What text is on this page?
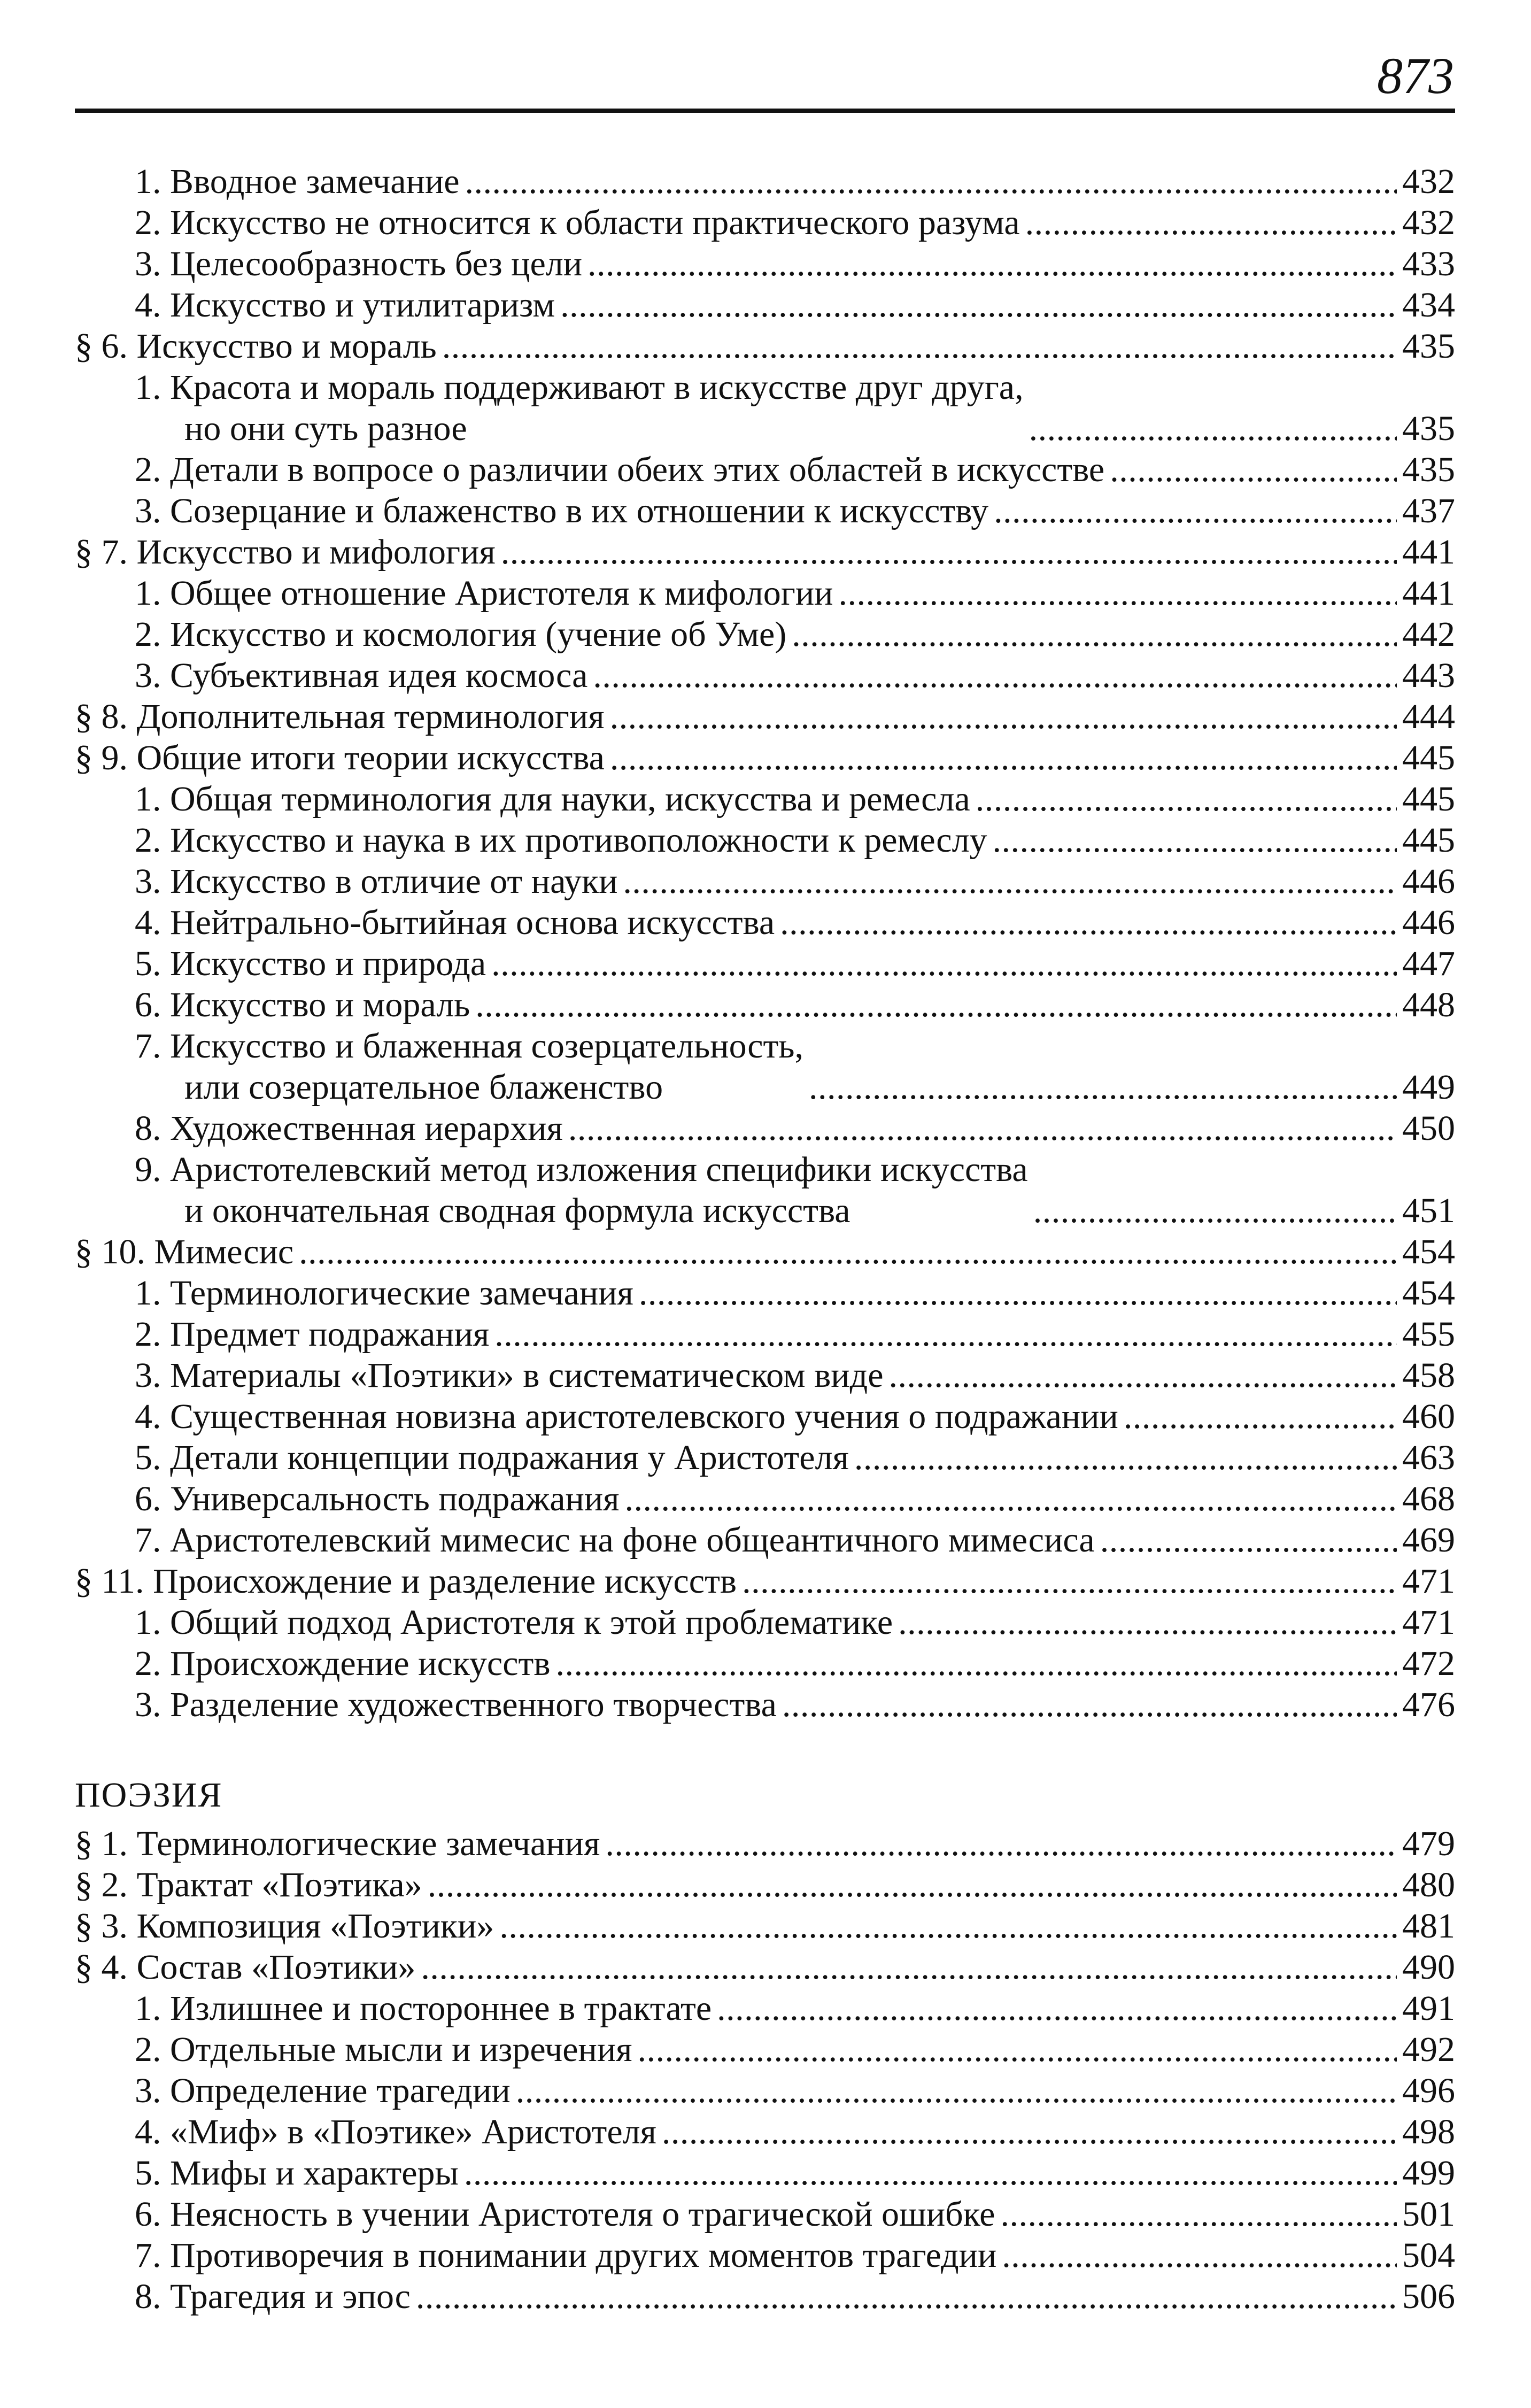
873
1. Вводное замечание .....	432
2. Искусство не относится к области практического разума .....	432
3. Целесообразность без цели .....	433
4. Искусство и утилитаризм .....	434
§ 6. Искусство и мораль .....	435
1. Красота и мораль поддерживают в искусстве друг друга,
но они суть разное .....	435
2. Детали в вопросе о различии обеих этих областей в искусстве .....	435
3. Созерцание и блаженство в их отношении к искусству .....	437
§ 7. Искусство и мифология .....	441
1. Общее отношение Аристотеля к мифологии .....	441
2. Искусство и космология (учение об Уме) .....	442
3. Субъективная идея космоса .....	443
§ 8. Дополнительная терминология .....	444
§ 9. Общие итоги теории искусства .....	445
1. Общая терминология для науки, искусства и ремесла .....	445
2. Искусство и наука в их противоположности к ремеслу .....	445
3. Искусство в отличие от науки .....	446
4. Нейтрально-бытийная основа искусства .....	446
5. Искусство и природа .....	447
6. Искусство и мораль .....	448
7. Искусство и блаженная созерцательность,
или созерцательное блаженство .....	449
8. Художественная иерархия .....	450
9. Аристотелевский метод изложения специфики искусства
и окончательная сводная формула искусства .....	451
§ 10. Мимесис .....	454
1. Терминологические замечания .....	454
2. Предмет подражания .....	455
3. Материалы «Поэтики» в систематическом виде .....	458
4. Существенная новизна аристотелевского учения о подражании .....	460
5. Детали концепции подражания у Аристотеля .....	463
6. Универсальность подражания .....	468
7. Аристотелевский мимесис на фоне общеантичного мимесиса .....	469
§ 11. Происхождение и разделение искусств .....	471
1. Общий подход Аристотеля к этой проблематике .....	471
2. Происхождение искусств .....	472
3. Разделение художественного творчества .....	476
ПОЭЗИЯ
§ 1. Терминологические замечания .....	479
§ 2. Трактат «Поэтика» .....	480
§ 3. Композиция «Поэтики» .....	481
§ 4. Состав «Поэтики» .....	490
1. Излишнее и постороннее в трактате .....	491
2. Отдельные мысли и изречения .....	492
3. Определение трагедии .....	496
4. «Миф» в «Поэтике» Аристотеля .....	498
5. Мифы и характеры .....	499
6. Неясность в учении Аристотеля о трагической ошибке .....	501
7. Противоречия в понимании других моментов трагедии .....	504
8. Трагедия и эпос .....	506
